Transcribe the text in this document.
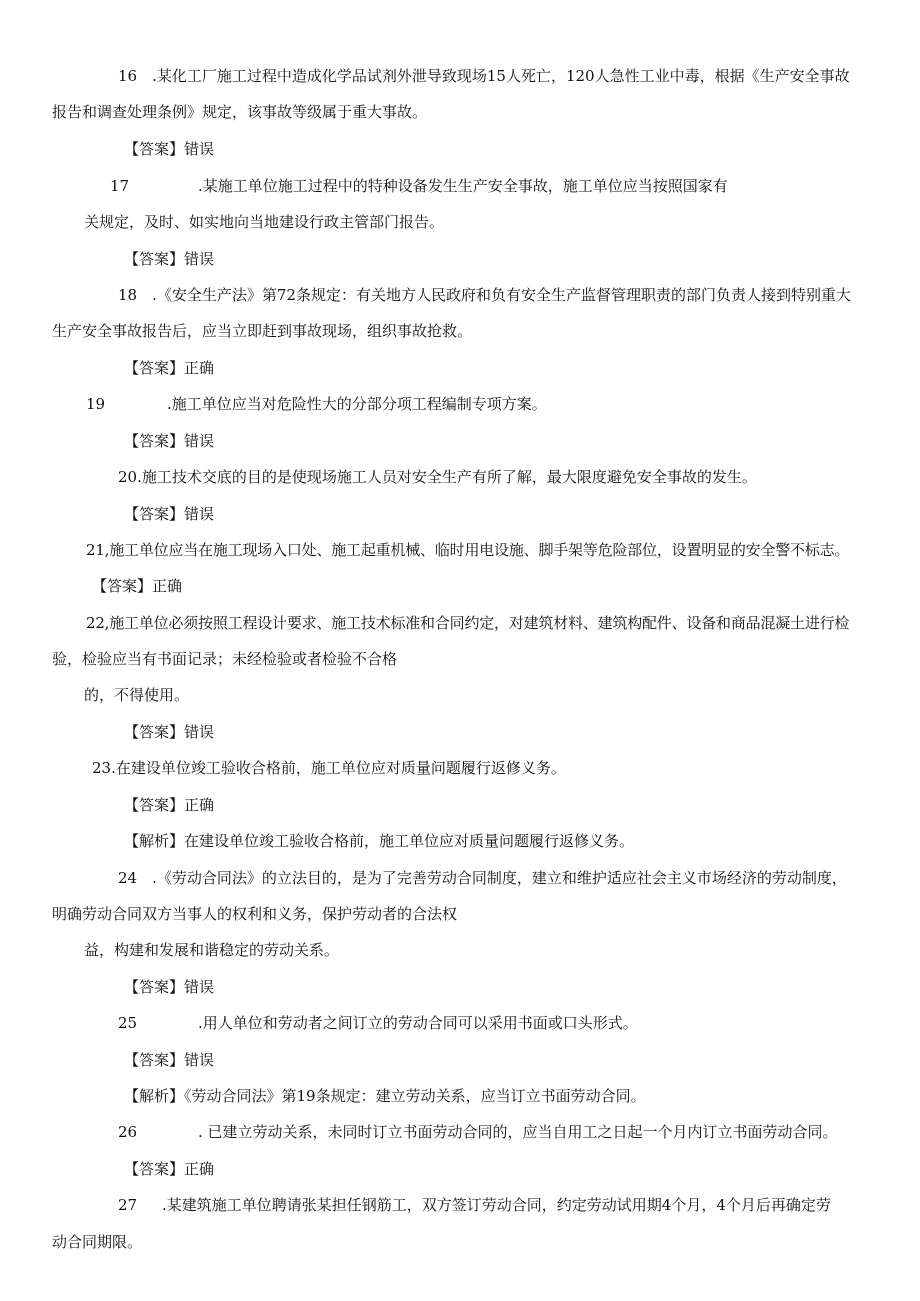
16　.某化工厂施工过程中造成化学品试剂外泄导致现场15人死亡，120人急性工业中毒，根据《生产安全事故
报告和调查处理条例》规定，该事故等级属于重大事故。
【答案】错误
17	.某施工单位施工过程中的特种设备发生生产安全事故，施工单位应当按照国家有
关规定，及时、如实地向当地建设行政主管部门报告。
【答案】错误
18　.《安全生产法》第72条规定：有关地方人民政府和负有安全生产监督管理职责的部门负责人接到特别重大
生产安全事故报告后，应当立即赶到事故现场，组织事故抢救。
【答案】正确
19	.施工单位应当对危险性大的分部分项工程编制专项方案。
【答案】错误
20.施工技术交底的目的是使现场施工人员对安全生产有所了解，最大限度避免安全事故的发生。
【答案】错误
21,施工单位应当在施工现场入口处、施工起重机械、临时用电设施、脚手架等危险部位，设置明显的安全警不标志。
【答案】正确
22,施工单位必须按照工程设计要求、施工技术标准和合同约定，对建筑材料、建筑构配件、设备和商品混凝土进行检
验，检验应当有书面记录；未经检验或者检验不合格
的，不得使用。
【答案】错误
23.在建设单位竣工验收合格前，施工单位应对质量问题履行返修义务。
【答案】正确
【解析】在建设单位竣工验收合格前，施工单位应对质量问题履行返修义务。
24　.《劳动合同法》的立法目的，是为了完善劳动合同制度，建立和维护适应社会主义市场经济的劳动制度，
明确劳动合同双方当事人的权利和义务，保护劳动者的合法权
益，构建和发展和谐稳定的劳动关系。
【答案】错误
25	.用人单位和劳动者之间订立的劳动合同可以采用书面或口头形式。
【答案】错误
【解析】《劳动合同法》第19条规定：建立劳动关系，应当订立书面劳动合同。
26	. 已建立劳动关系，未同时订立书面劳动合同的，应当自用工之日起一个月内订立书面劳动合同。
【答案】正确
27 .某建筑施工单位聘请张某担任钢筋工，双方签订劳动合同，约定劳动试用期4个月，4个月后再确定劳
动合同期限。
